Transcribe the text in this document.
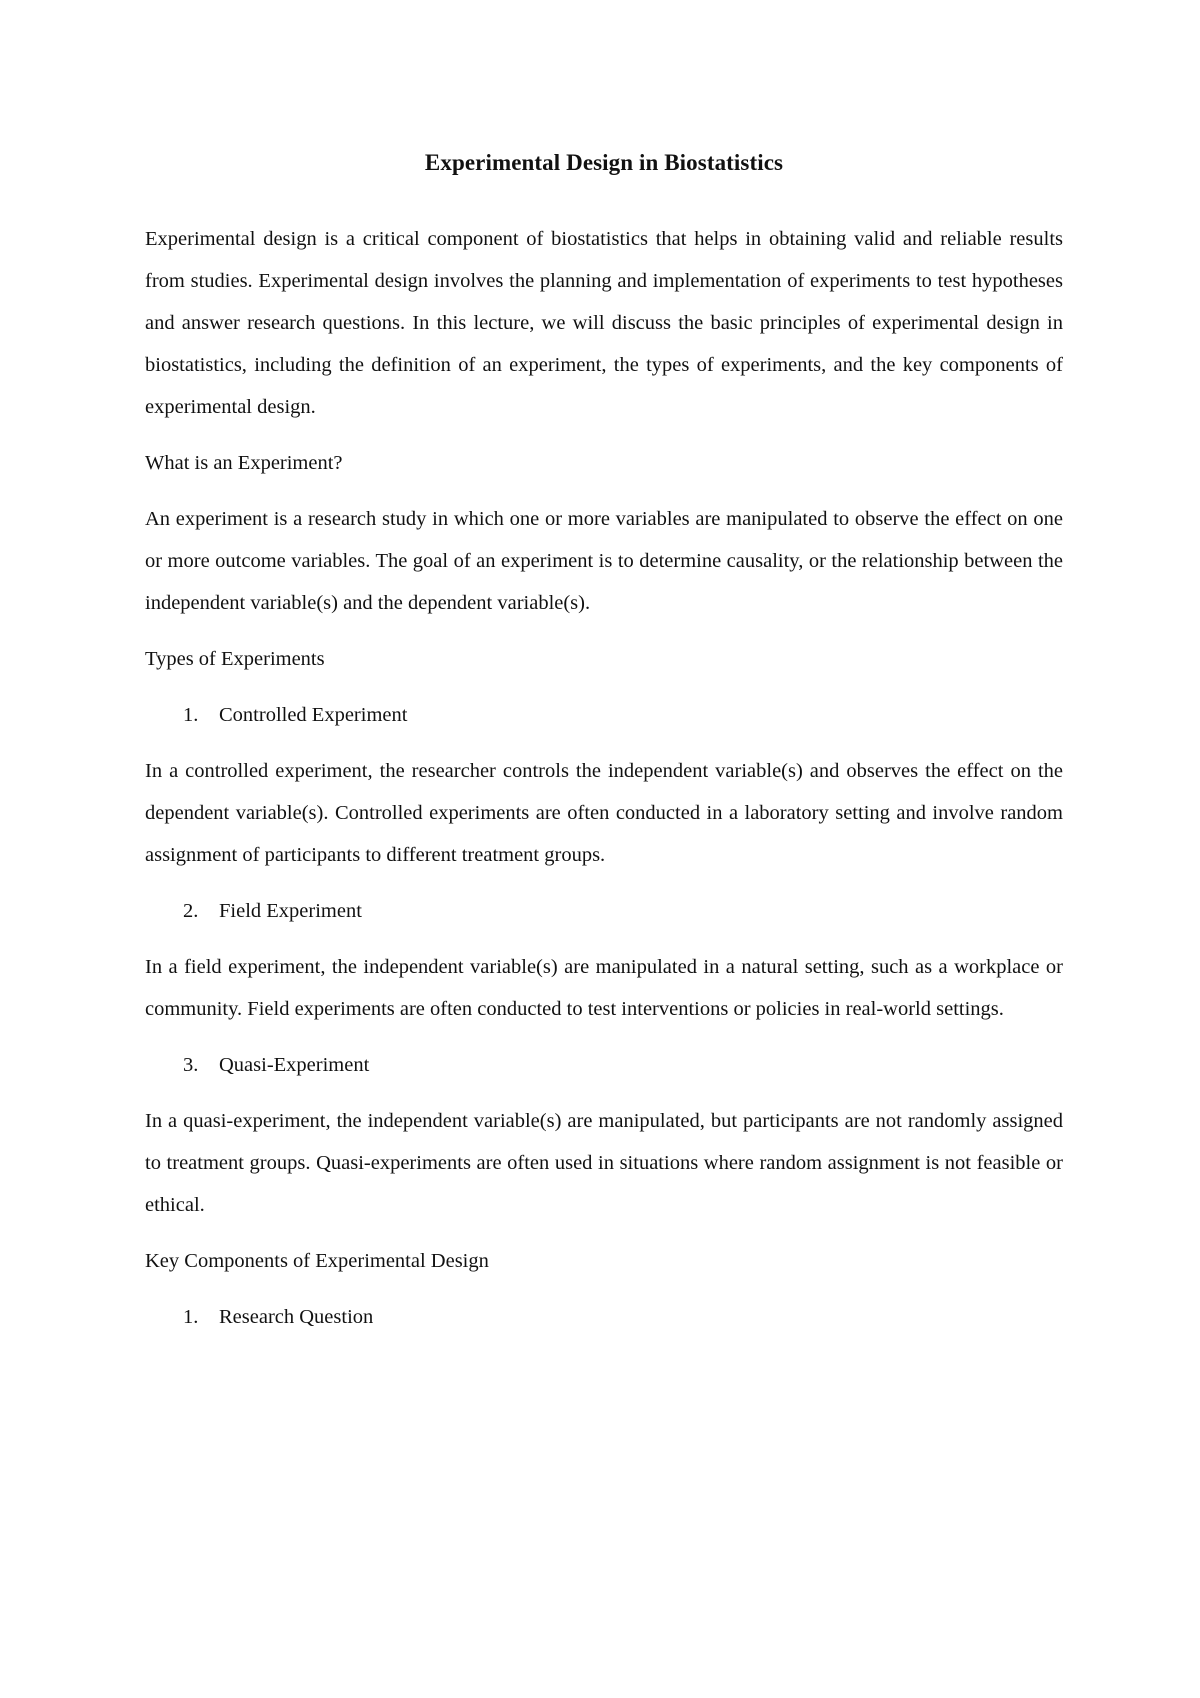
Experimental Design in Biostatistics

Experimental design is a critical component of biostatistics that helps in obtaining valid and reliable results from studies. Experimental design involves the planning and implementation of experiments to test hypotheses and answer research questions. In this lecture, we will discuss the basic principles of experimental design in biostatistics, including the definition of an experiment, the types of experiments, and the key components of experimental design.

What is an Experiment?

An experiment is a research study in which one or more variables are manipulated to observe the effect on one or more outcome variables. The goal of an experiment is to determine causality, or the relationship between the independent variable(s) and the dependent variable(s).

Types of Experiments

1.	Controlled Experiment

In a controlled experiment, the researcher controls the independent variable(s) and observes the effect on the dependent variable(s). Controlled experiments are often conducted in a laboratory setting and involve random assignment of participants to different treatment groups.

2.	Field Experiment

In a field experiment, the independent variable(s) are manipulated in a natural setting, such as a workplace or community. Field experiments are often conducted to test interventions or policies in real-world settings.

3.	Quasi-Experiment

In a quasi-experiment, the independent variable(s) are manipulated, but participants are not randomly assigned to treatment groups. Quasi-experiments are often used in situations where random assignment is not feasible or ethical.

Key Components of Experimental Design

1.	Research Question
